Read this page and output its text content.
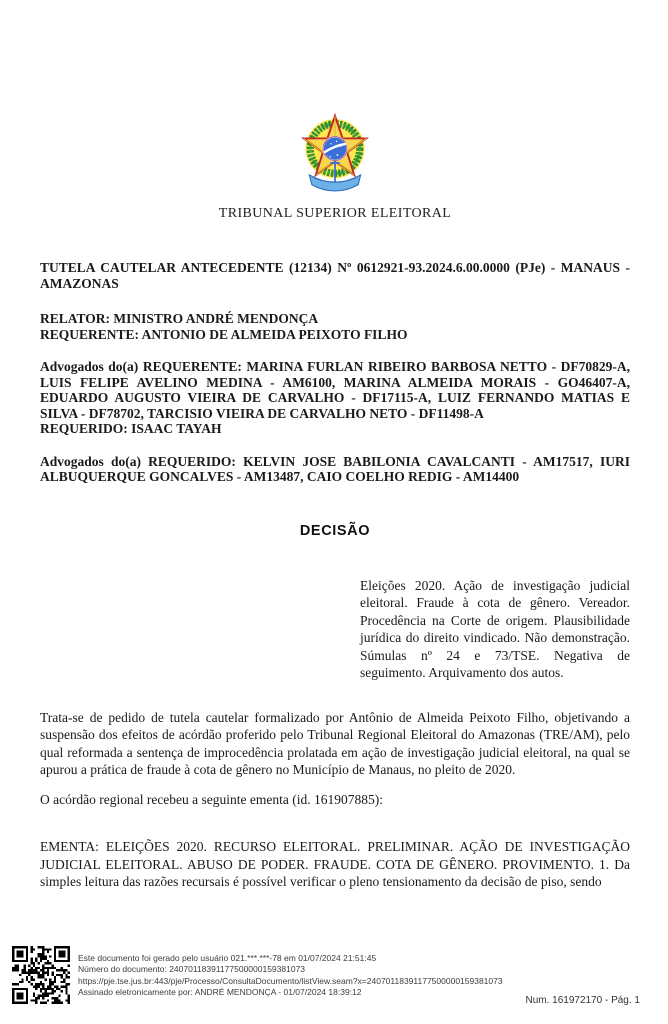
TRIBUNAL SUPERIOR ELEITORAL
TUTELA CAUTELAR ANTECEDENTE (12134) Nº 0612921-93.2024.6.00.0000 (PJe) - MANAUS - AMAZONAS
RELATOR: MINISTRO ANDRÉ MENDONÇA
REQUERENTE: ANTONIO DE ALMEIDA PEIXOTO FILHO
Advogados do(a) REQUERENTE: MARINA FURLAN RIBEIRO BARBOSA NETTO - DF70829-A, LUIS FELIPE AVELINO MEDINA - AM6100, MARINA ALMEIDA MORAIS - GO46407-A, EDUARDO AUGUSTO VIEIRA DE CARVALHO - DF17115-A, LUIZ FERNANDO MATIAS E SILVA - DF78702, TARCISIO VIEIRA DE CARVALHO NETO - DF11498-A
REQUERIDO: ISAAC TAYAH
Advogados do(a) REQUERIDO: KELVIN JOSE BABILONIA CAVALCANTI - AM17517, IURI ALBUQUERQUE GONCALVES - AM13487, CAIO COELHO REDIG - AM14400
DECISÃO
Eleições 2020. Ação de investigação judicial eleitoral. Fraude à cota de gênero. Vereador. Procedência na Corte de origem. Plausibilidade jurídica do direito vindicado. Não demonstração. Súmulas nº 24 e 73/TSE. Negativa de seguimento. Arquivamento dos autos.
Trata-se de pedido de tutela cautelar formalizado por Antônio de Almeida Peixoto Filho, objetivando a suspensão dos efeitos de acórdão proferido pelo Tribunal Regional Eleitoral do Amazonas (TRE/AM), pelo qual reformada a sentença de improcedência prolatada em ação de investigação judicial eleitoral, na qual se apurou a prática de fraude à cota de gênero no Município de Manaus, no pleito de 2020.
O acórdão regional recebeu a seguinte ementa (id. 161907885):
EMENTA: ELEIÇÕES 2020. RECURSO ELEITORAL. PRELIMINAR. AÇÃO DE INVESTIGAÇÃO JUDICIAL ELEITORAL. ABUSO DE PODER. FRAUDE. COTA DE GÊNERO. PROVIMENTO. 1. Da simples leitura das razões recursais é possível verificar o pleno tensionamento da decisão de piso, sendo
Este documento foi gerado pelo usuário 021.***.***-78 em 01/07/2024 21:51:45
Número do documento: 24070118391177500000159381073
https://pje.tse.jus.br:443/pje/Processo/ConsultaDocumento/listView.seam?x=24070118391177500000159381073
Assinado eletronicamente por: ANDRÉ MENDONÇA - 01/07/2024 18:39:12
Num. 161972170 - Pág. 1
